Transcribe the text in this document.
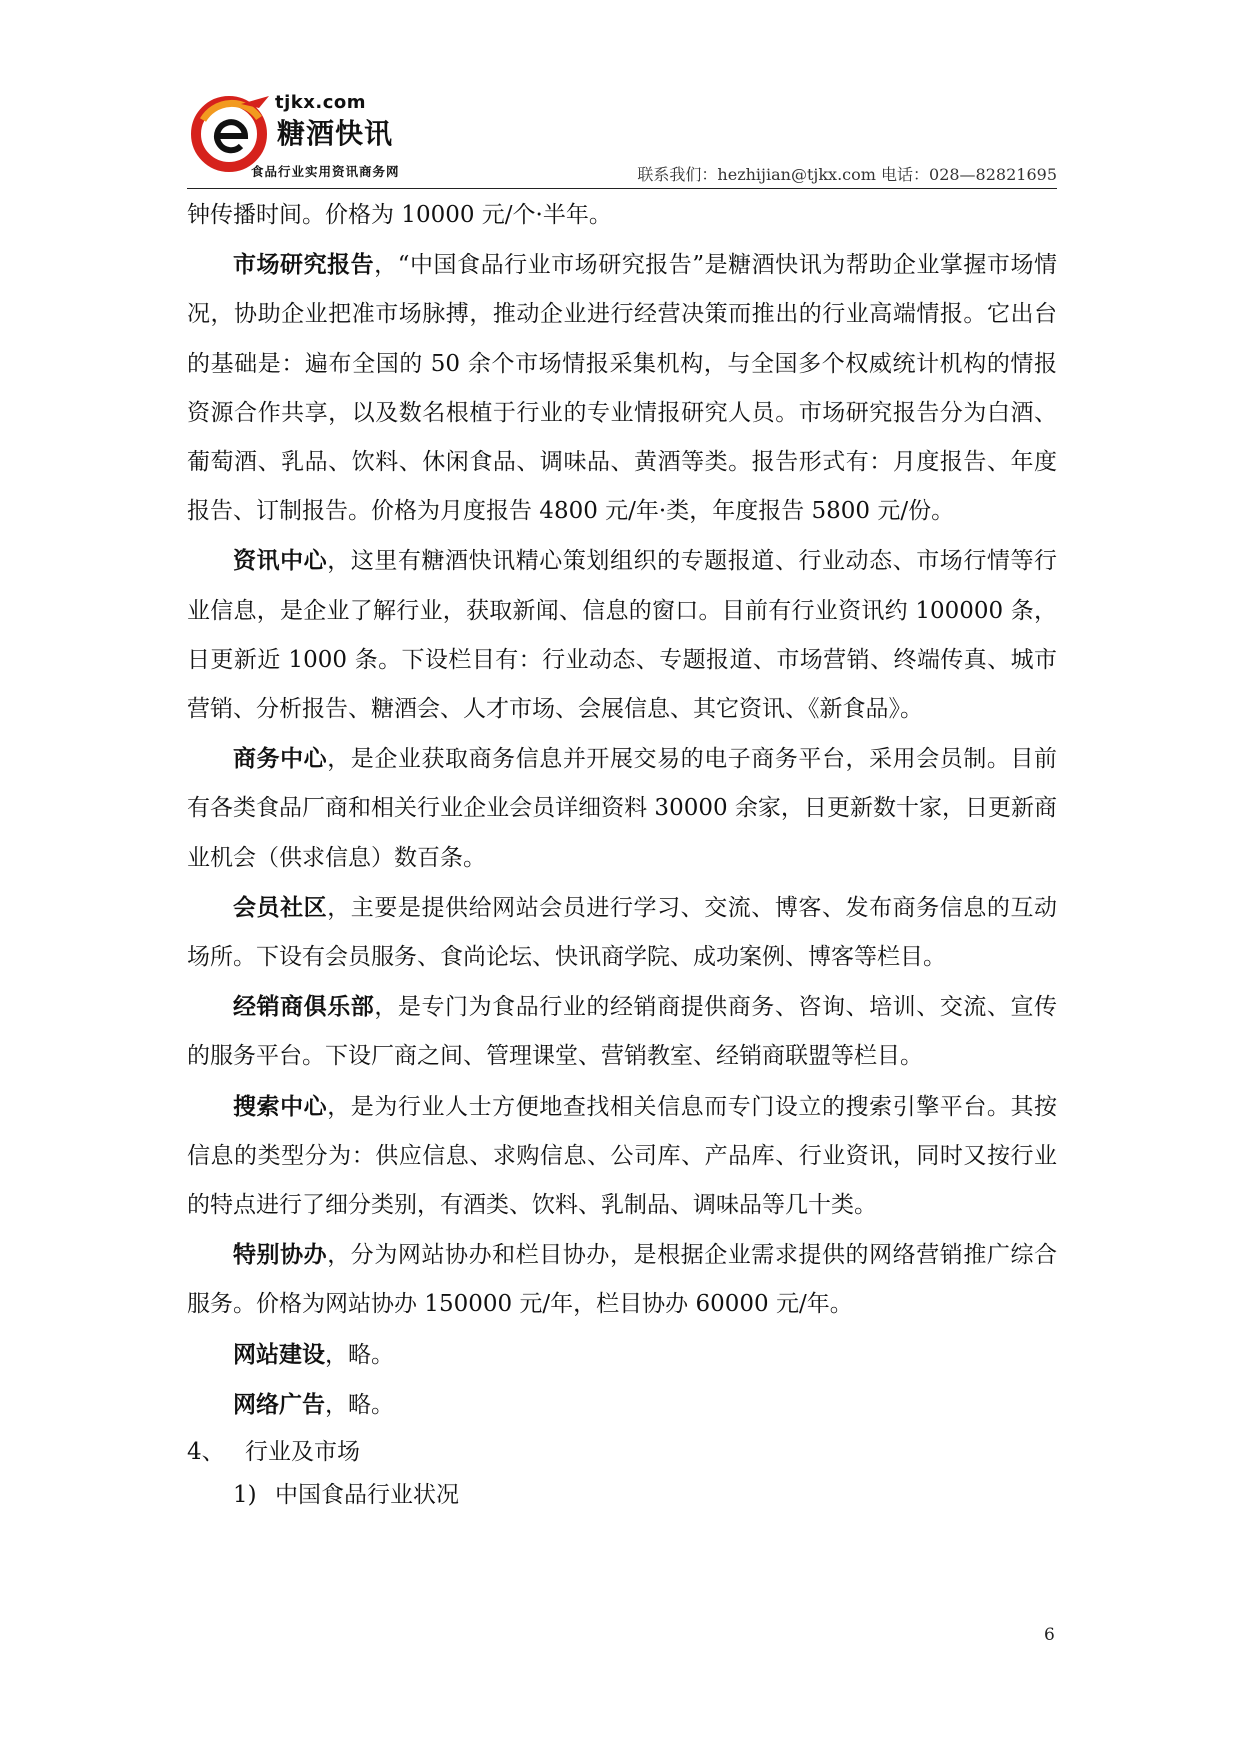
tjkx.com
糖酒快讯
食品行业实用资讯商务网	联系我们：hezhijian@tjkx.com 电话：028—82821695

钟传播时间。价格为 10000 元/个·半年。

市场研究报告，“中国食品行业市场研究报告”是糖酒快讯为帮助企业掌握市场情况，协助企业把准市场脉搏，推动企业进行经营决策而推出的行业高端情报。它出台的基础是：遍布全国的 50 余个市场情报采集机构，与全国多个权威统计机构的情报资源合作共享，以及数名根植于行业的专业情报研究人员。市场研究报告分为白酒、葡萄酒、乳品、饮料、休闲食品、调味品、黄酒等类。报告形式有：月度报告、年度报告、订制报告。价格为月度报告 4800 元/年·类，年度报告 5800 元/份。

资讯中心，这里有糖酒快讯精心策划组织的专题报道、行业动态、市场行情等行业信息，是企业了解行业，获取新闻、信息的窗口。目前有行业资讯约 100000 条，日更新近 1000 条。下设栏目有：行业动态、专题报道、市场营销、终端传真、城市营销、分析报告、糖酒会、人才市场、会展信息、其它资讯、《新食品》。

商务中心，是企业获取商务信息并开展交易的电子商务平台，采用会员制。目前有各类食品厂商和相关行业企业会员详细资料 30000 余家，日更新数十家，日更新商业机会（供求信息）数百条。

会员社区，主要是提供给网站会员进行学习、交流、博客、发布商务信息的互动场所。下设有会员服务、食尚论坛、快讯商学院、成功案例、博客等栏目。

经销商俱乐部，是专门为食品行业的经销商提供商务、咨询、培训、交流、宣传的服务平台。下设厂商之间、管理课堂、营销教室、经销商联盟等栏目。

搜索中心，是为行业人士方便地查找相关信息而专门设立的搜索引擎平台。其按信息的类型分为：供应信息、求购信息、公司库、产品库、行业资讯，同时又按行业的特点进行了细分类别，有酒类、饮料、乳制品、调味品等几十类。

特别协办，分为网站协办和栏目协办，是根据企业需求提供的网络营销推广综合服务。价格为网站协办 150000 元/年，栏目协办 60000 元/年。

网站建设，略。

网络广告，略。

4、 行业及市场

1) 中国食品行业状况

6
